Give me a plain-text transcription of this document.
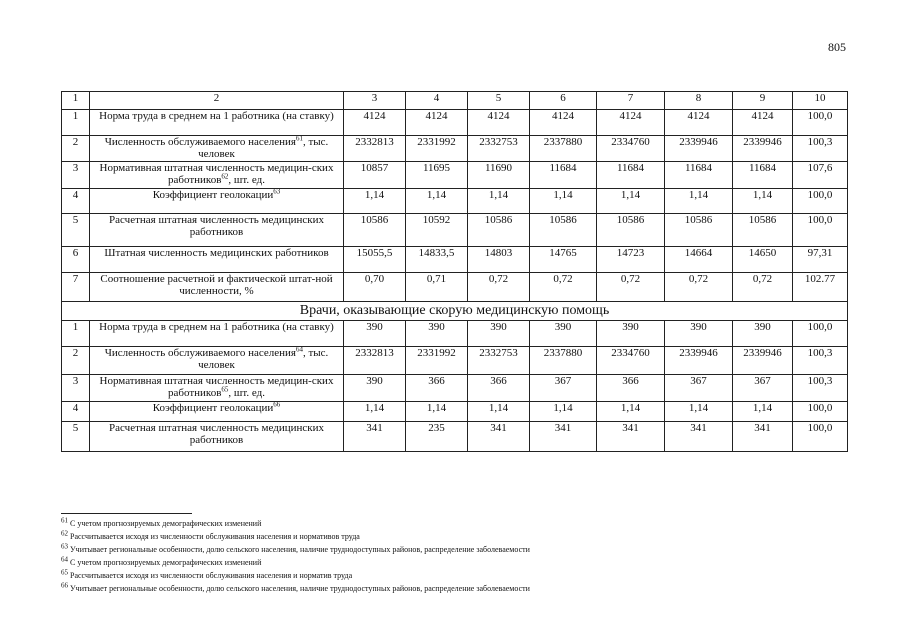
805
1	2	3	4	5	6	7	8	9	10
1	Норма труда в среднем на 1 работника (на ставку)	4124	4124	4124	4124	4124	4124	4124	100,0
2	Численность обслуживаемого населения$^{61}$, тыс. человек	2332813	2331992	2332753	2337880	2334760	2339946	2339946	100,3
3	Нормативная штатная численность медицин-ских работников$^{62}$, шт. ед.	10857	11695	11690	11684	11684	11684	11684	107,6
4	Коэффициент геолокации$^{63}$	1,14	1,14	1,14	1,14	1,14	1,14	1,14	100,0
5	Расчетная штатная численность медицинских работников	10586	10592	10586	10586	10586	10586	10586	100,0
6	Штатная численность медицинских работников	15055,5	14833,5	14803	14765	14723	14664	14650	97,31
7	Соотношение расчетной и фактической штат-ной численности, %	0,70	0,71	0,72	0,72	0,72	0,72	0,72	102.77
Врачи, оказывающие скорую медицинскую помощь									
1	Норма труда в среднем на 1 работника (на ставку)	390	390	390	390	390	390	390	100,0
2	Численность обслуживаемого населения$^{64}$, тыс. человек	2332813	2331992	2332753	2337880	2334760	2339946	2339946	100,3
3	Нормативная штатная численность медицин-ских работников$^{65}$, шт. ед.	390	366	366	367	366	367	367	100,3
4	Коэффициент геолокации$^{66}$	1,14	1,14	1,14	1,14	1,14	1,14	1,14	100,0
5	Расчетная штатная численность медицинских работников	341	235	341	341	341	341	341	100,0
$^{61}$ С учетом прогнозируемых демографических изменений
$^{62}$ Рассчитывается исходя из численности обслуживания населения и нормативов труда
$^{63}$ Учитывает региональные особенности, долю сельского населения, наличие труднодоступных районов, распределение заболеваемости
$^{64}$ С учетом прогнозируемых демографических изменений
$^{65}$ Рассчитывается исходя из численности обслуживания населения и норматив труда
$^{66}$ Учитывает региональные особенности, долю сельского населения, наличие труднодоступных районов, распределение заболеваемости
